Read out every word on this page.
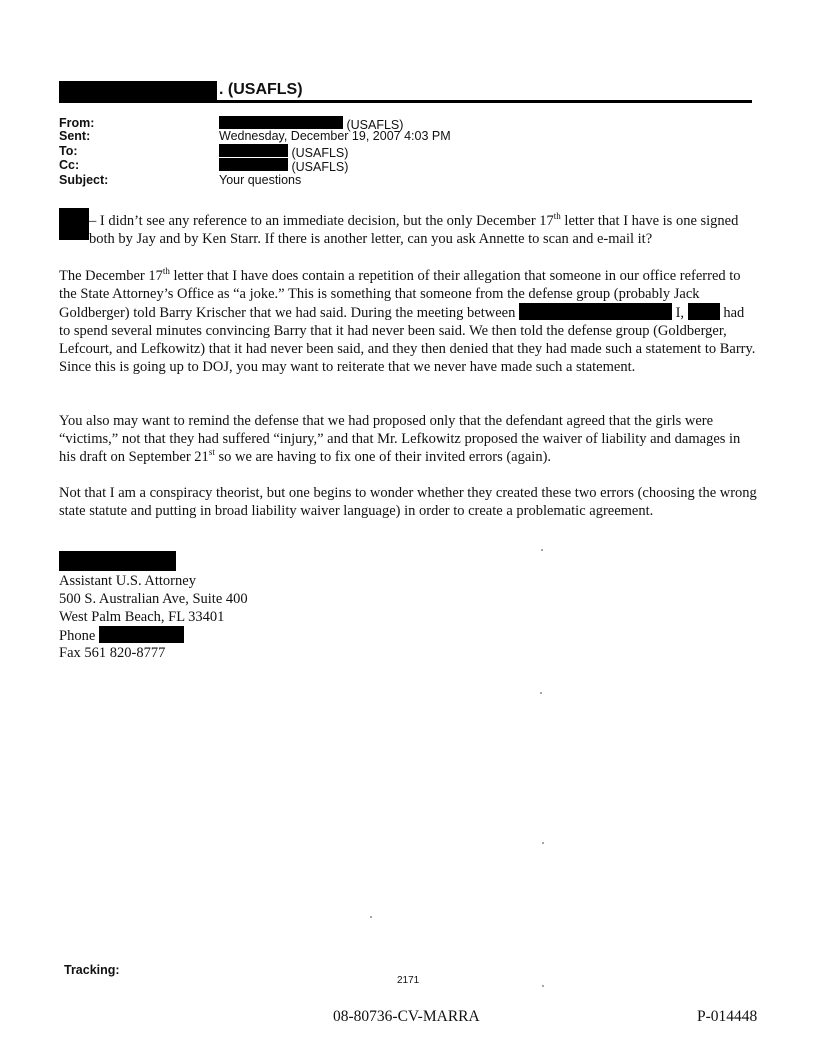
. (USAFLS)
From:	(USAFLS)
Sent:	Wednesday, December 19, 2007 4:03 PM
To:	(USAFLS)
Cc:	(USAFLS)
Subject:	Your questions
– I didn’t see any reference to an immediate decision, but the only December 17th letter that I have is one signed both by Jay and by Ken Starr. If there is another letter, can you ask Annette to scan and e-mail it?
The December 17th letter that I have does contain a repetition of their allegation that someone in our office referred to the State Attorney’s Office as “a joke.” This is something that someone from the defense group (probably Jack Goldberger) told Barry Krischer that we had said. During the meeting between	I,  had to spend several minutes convincing Barry that it had never been said. We then told the defense group (Goldberger, Lefcourt, and Lefkowitz) that it had never been said, and they then denied that they had made such a statement to Barry. Since this is going up to DOJ, you may want to reiterate that we never have made such a statement.
You also may want to remind the defense that we had proposed only that the defendant agreed that the girls were “victims,” not that they had suffered “injury,” and that Mr. Lefkowitz proposed the waiver of liability and damages in his draft on September 21st so we are having to fix one of their invited errors (again).
Not that I am a conspiracy theorist, but one begins to wonder whether they created these two errors (choosing the wrong state statute and putting in broad liability waiver language) in order to create a problematic agreement.
Assistant U.S. Attorney
500 S. Australian Ave, Suite 400
West Palm Beach, FL 33401
Phone
Fax 561 820-8777
Tracking:
2171
08-80736-CV-MARRA	P-014448
